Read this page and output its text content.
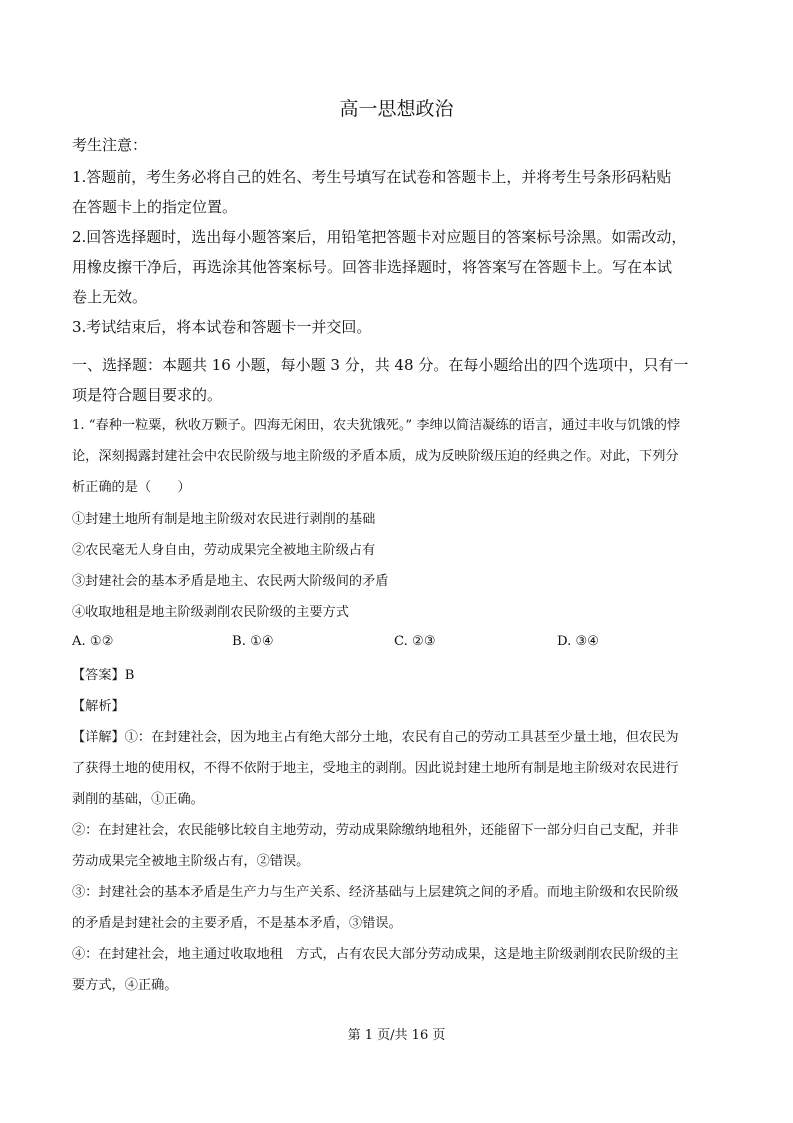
高一思想政治

考生注意：

1.答题前，考生务必将自己的姓名、考生号填写在试卷和答题卡上，并将考生号条形码粘贴

在答题卡上的指定位置。

2.回答选择题时，选出每小题答案后，用铅笔把答题卡对应题目的答案标号涂黑。如需改动，

用橡皮擦干净后，再选涂其他答案标号。回答非选择题时，将答案写在答题卡上。写在本试

卷上无效。

3.考试结束后，将本试卷和答题卡一并交回。

一、选择题：本题共 16 小题，每小题 3 分，共 48 分。在每小题给出的四个选项中，只有一

项是符合题目要求的。

1. “春种一粒粟，秋收万颗子。四海无闲田，农夫犹饿死。” 李绅以简洁凝练的语言，通过丰收与饥饿的悖

论，深刻揭露封建社会中农民阶级与地主阶级的矛盾本质，成为反映阶级压迫的经典之作。对此，下列分

析正确的是（　　）

①封建土地所有制是地主阶级对农民进行剥削的基础
②农民毫无人身自由，劳动成果完全被地主阶级占有
③封建社会的基本矛盾是地主、农民两大阶级间的矛盾
④收取地租是地主阶级剥削农民阶级的主要方式
A. ①②	B. ①④	C. ②③	D. ③④
【答案】B
【解析】

【详解】①：在封建社会，因为地主占有绝大部分土地，农民有自己的劳动工具甚至少量土地，但农民为

了获得土地的使用权，不得不依附于地主，受地主的剥削。因此说封建土地所有制是地主阶级对农民进行

剥削的基础，①正确。

②：在封建社会，农民能够比较自主地劳动，劳动成果除缴纳地租外，还能留下一部分归自己支配，并非

劳动成果完全被地主阶级占有，②错误。

③：封建社会的基本矛盾是生产力与生产关系、经济基础与上层建筑之间的矛盾。而地主阶级和农民阶级

的矛盾是封建社会的主要矛盾，不是基本矛盾，③错误。

④：在封建社会，地主通过收取地租　方式，占有农民大部分劳动成果，这是地主阶级剥削农民阶级的主

要方式，④正确。

第 1 页/共 16 页
